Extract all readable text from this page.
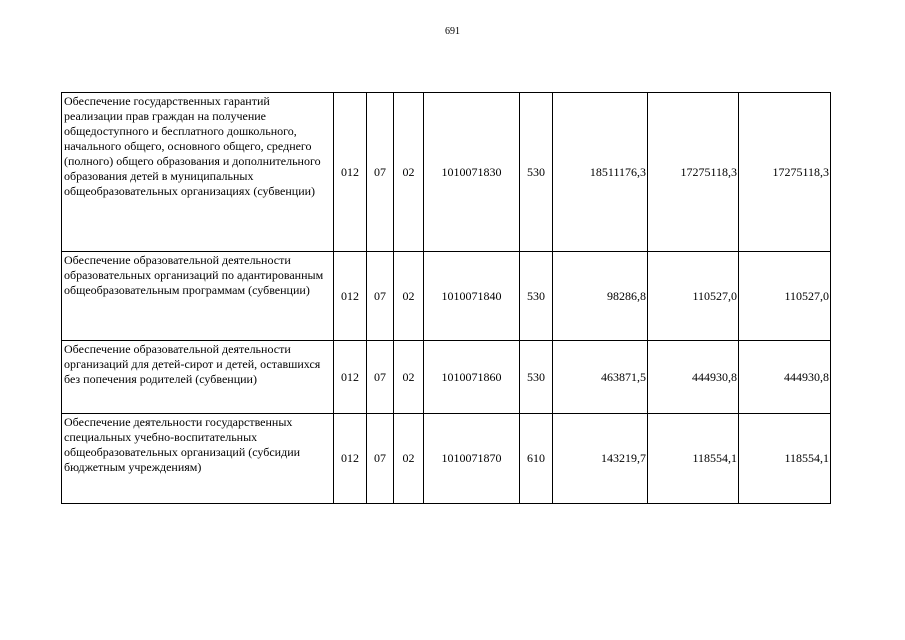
691
Обеспечение государственных гарантий реализации прав граждан на получение общедоступного и бесплатного дошкольного, начального общего, основного общего, среднего (полного) общего образования и дополнительного образования детей в муниципальных общеобразовательных организациях (субвенции)	012	07	02	1010071830	530	18511176,3	17275118,3	17275118,3
Обеспечение образовательной деятельности образовательных организаций по адантированным общеобразовательным программам (субвенции)	012	07	02	1010071840	530	98286,8	110527,0	110527,0
Обеспечение образовательной деятельности организаций для детей-сирот и детей, оставшихся без попечения родителей (субвенции)	012	07	02	1010071860	530	463871,5	444930,8	444930,8
Обеспечение деятельности государственных специальных учебно-воспитательных общеобразовательных организаций (субсидии бюджетным учреждениям)	012	07	02	1010071870	610	143219,7	118554,1	118554,1
